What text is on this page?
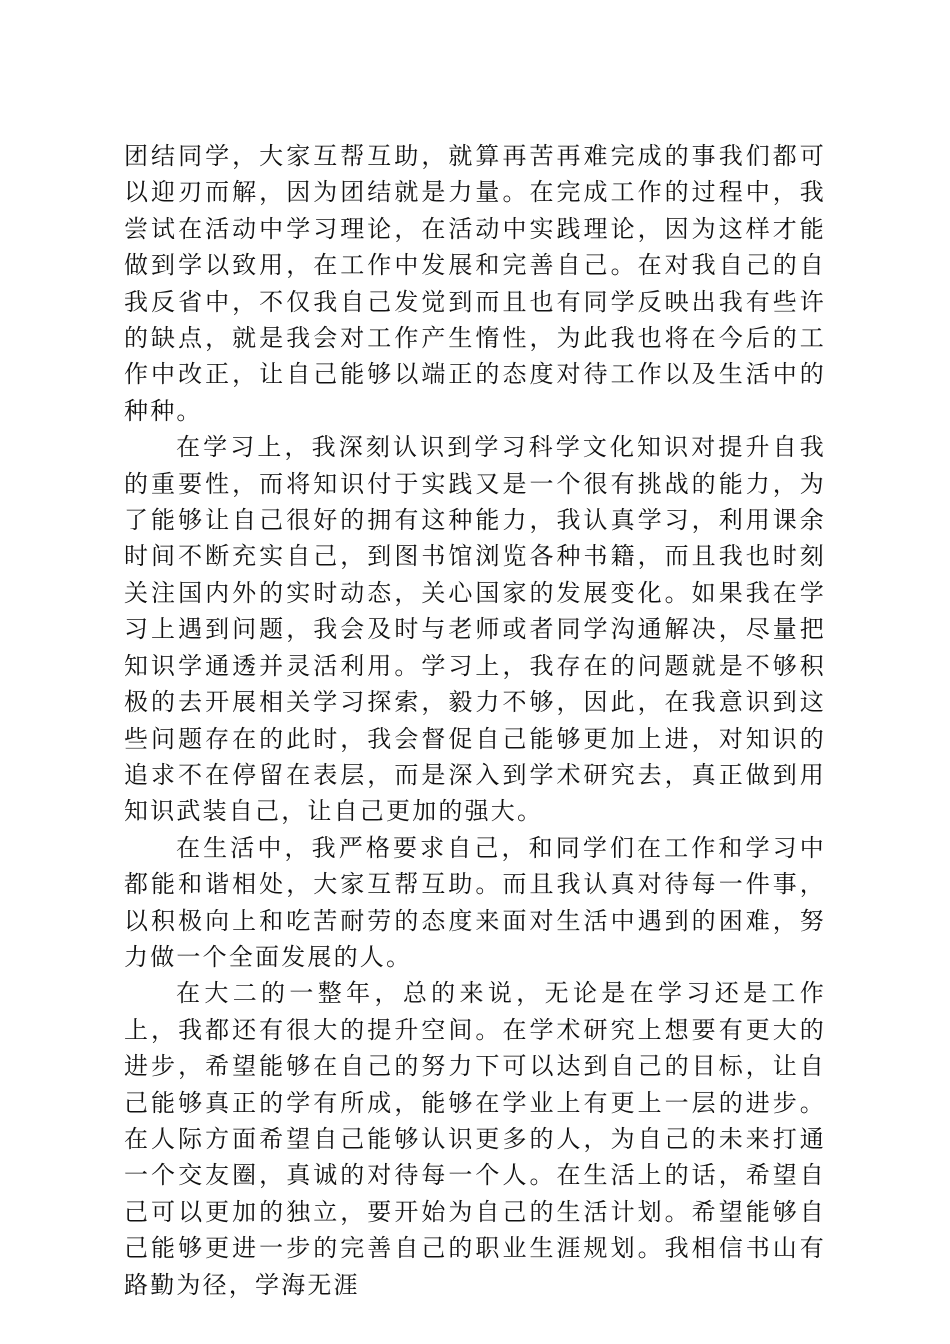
团结同学，大家互帮互助，就算再苦再难完成的事我们都可以迎刃而解，因为团结就是力量。在完成工作的过程中，我尝试在活动中学习理论，在活动中实践理论，因为这样才能做到学以致用，在工作中发展和完善自己。在对我自己的自我反省中，不仅我自己发觉到而且也有同学反映出我有些许的缺点，就是我会对工作产生惰性，为此我也将在今后的工作中改正，让自己能够以端正的态度对待工作以及生活中的种种。

在学习上，我深刻认识到学习科学文化知识对提升自我的重要性，而将知识付于实践又是一个很有挑战的能力，为了能够让自己很好的拥有这种能力，我认真学习，利用课余时间不断充实自己，到图书馆浏览各种书籍，而且我也时刻关注国内外的实时动态，关心国家的发展变化。如果我在学习上遇到问题，我会及时与老师或者同学沟通解决，尽量把知识学通透并灵活利用。学习上，我存在的问题就是不够积极的去开展相关学习探索，毅力不够，因此，在我意识到这些问题存在的此时，我会督促自己能够更加上进，对知识的追求不在停留在表层，而是深入到学术研究去，真正做到用知识武装自己，让自己更加的强大。

在生活中，我严格要求自己，和同学们在工作和学习中都能和谐相处，大家互帮互助。而且我认真对待每一件事，以积极向上和吃苦耐劳的态度来面对生活中遇到的困难，努力做一个全面发展的人。

在大二的一整年，总的来说，无论是在学习还是工作上，我都还有很大的提升空间。在学术研究上想要有更大的进步，希望能够在自己的努力下可以达到自己的目标，让自己能够真正的学有所成，能够在学业上有更上一层的进步。在人际方面希望自己能够认识更多的人，为自己的未来打通一个交友圈，真诚的对待每一个人。在生活上的话，希望自己可以更加的独立，要开始为自己的生活计划。希望能够自己能够更进一步的完善自己的职业生涯规划。我相信书山有路勤为径，学海无涯
